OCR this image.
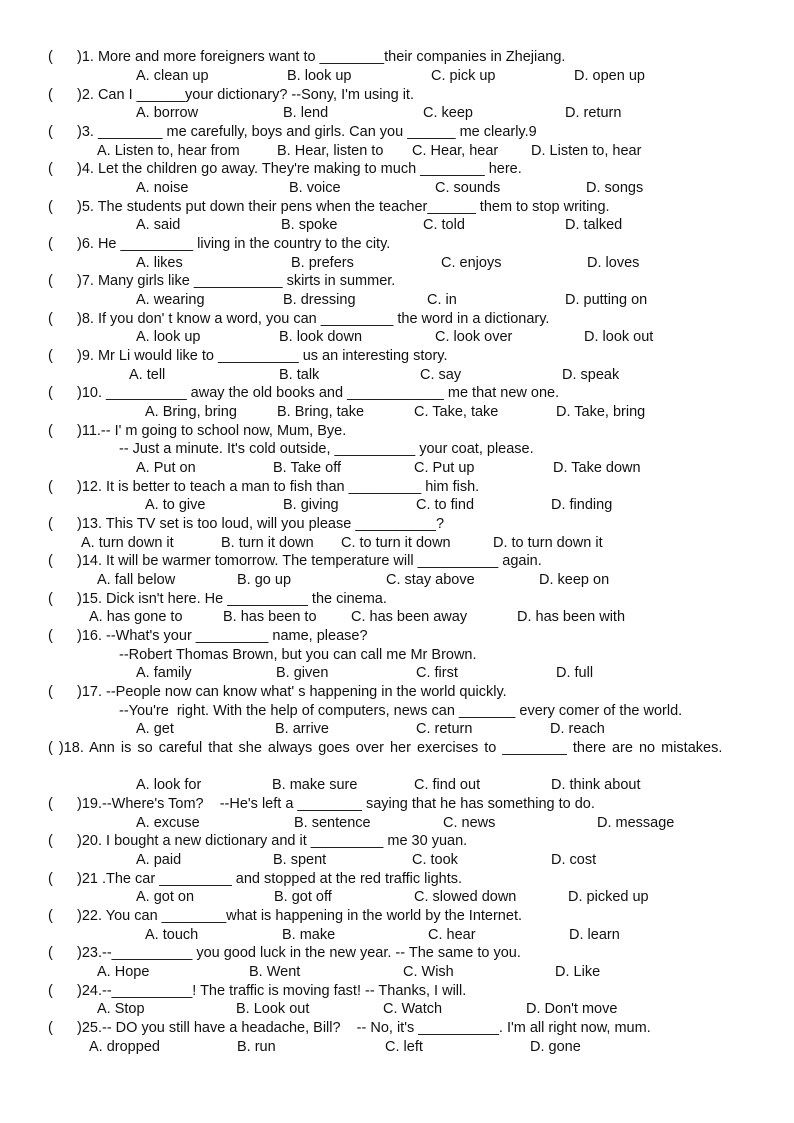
(      )1. More and more foreigners want to ________their companies in Zhejiang.
A. clean up	B. look up	C. pick up	D. open up
(      )2. Can I ______your dictionary? --Sony, I'm using it.
A. borrow	B. lend	C. keep	D. return
(      )3. ________ me carefully, boys and girls. Can you ______ me clearly.9
A. Listen to, hear from	B. Hear, listen to C. Hear, hear D. Listen to, hear
(      )4. Let the children go away. They're making to much ________ here.
A. noise	B. voice	C. sounds	D. songs
(      )5. The students put down their pens when the teacher______ them to stop writing.
A. said	B. spoke	C. told	D. talked
(      )6. He _________ living in the country to the city.
A. likes	B. prefers	C. enjoys	D. loves
(      )7. Many girls like ___________ skirts in summer.
A. wearing	B. dressing	C. in	D. putting on
(      )8. If you don' t know a word, you can _________ the word in a dictionary.
A. look up	B. look down	C. look over	D. look out
(      )9. Mr Li would like to __________ us an interesting story.
A. tell	B. talk	C. say	D. speak
(      )10. __________ away the old books and ____________ me that new one.
A. Bring, bring	B. Bring, take	C. Take, take	D. Take, bring
(      )11.-- I' m going to school now, Mum, Bye.
-- Just a minute. It's cold outside, __________ your coat, please.
A. Put on	B. Take off	C. Put up	D. Take down
(      )12. It is better to teach a man to fish than _________ him fish.
A. to give	B. giving	C. to find	D. finding
(      )13. This TV set is too loud, will you please __________?
A. turn down it	B. turn it down C. to turn it down	D. to turn down it
(      )14. It will be warmer tomorrow. The temperature will __________ again.
A. fall below	B. go up	C. stay above	D. keep on
(      )15. Dick isn't here. He __________ the cinema.
A. has gone to	B. has been to C. has been away	D. has been with
(      )16. --What's your _________ name, please?
--Robert Thomas Brown, but you can call me Mr Brown.
A. family	B. given	C. first	D. full
(      )17. --People now can know what' s happening in the world quickly.
--You're  right. With the help of computers, news can _______ every comer of the world.
A. get	B. arrive	C. return	D. reach
( )18. Ann is so careful that she always goes over her exercises to ________ there are no mistakes.
A. look for	B. make sure	C. find out	D. think about
(      )19.--Where's Tom?    --He's left a ________ saying that he has something to do.
A. excuse	B. sentence	C. news	D. message
(      )20. I bought a new dictionary and it _________ me 30 yuan.
A. paid	B. spent	C. took	D. cost
(      )21 .The car _________ and stopped at the red traffic lights.
A. got on	B. got off	C. slowed down	D. picked up
(      )22. You can ________what is happening in the world by the Internet.
A. touch	B. make	C. hear	D. learn
(      )23.--__________ you good luck in the new year. -- The same to you.
A. Hope	B. Went	C. Wish	D. Like
(      )24.--__________! The traffic is moving fast! -- Thanks, I will.
A. Stop	B. Look out	C. Watch	D. Don't move
(      )25.-- DO you still have a headache, Bill?    -- No, it's __________. I'm all right now, mum.
A. dropped	B. run	C. left	D. gone
